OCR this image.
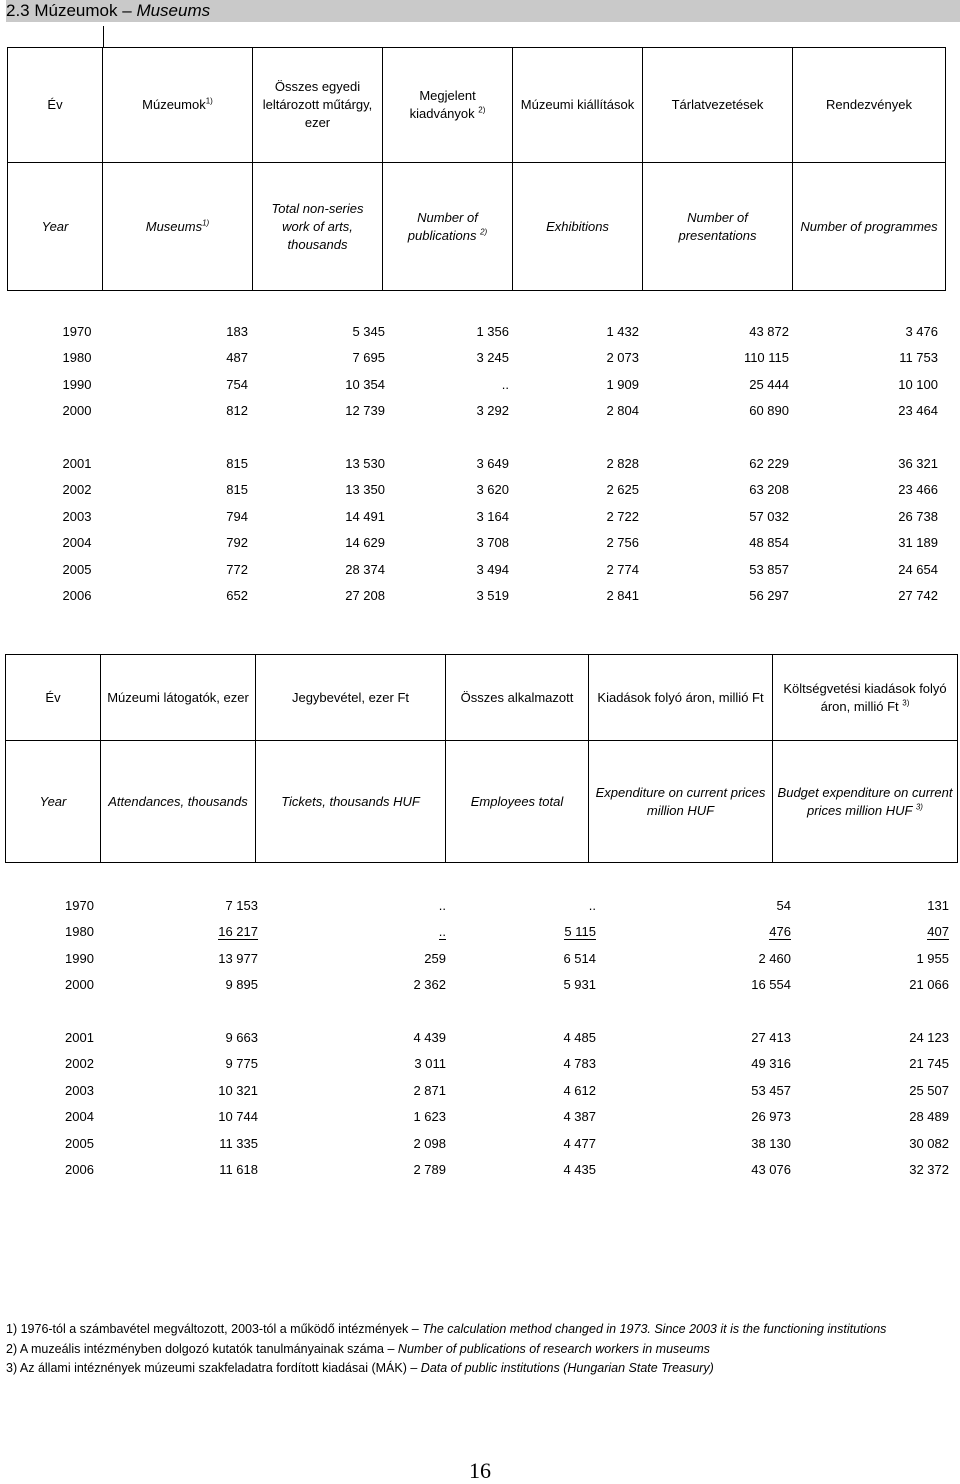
2.3 Múzeumok – Museums
Év	Múzeumok$^{1)}$	Összes egyedi leltározott műtárgy, ezer	Megjelent kiadványok $^{2)}$	Múzeumi kiállítások	Tárlatvezetések	Rendezvények
Year	Museums$^{1)}$	Total non-series work of arts, thousands	Number of publications $^{2)}$	Exhibitions	Number of presentations	Number of programmes
1970	183	5 345	1 356	1 432	43 872	3 476
1980	487	7 695	3 245	2 073	110 115	11 753
1990	754	10 354	..	1 909	25 444	10 100
2000	812	12 739	3 292	2 804	60 890	23 464

2001	815	13 530	3 649	2 828	62 229	36 321
2002	815	13 350	3 620	2 625	63 208	23 466
2003	794	14 491	3 164	2 722	57 032	26 738
2004	792	14 629	3 708	2 756	48 854	31 189
2005	772	28 374	3 494	2 774	53 857	24 654
2006	652	27 208	3 519	2 841	56 297	27 742
Év	Múzeumi látogatók, ezer	Jegybevétel, ezer Ft	Összes alkalmazott	Kiadások folyó áron, millió Ft	Költségvetési kiadások folyó áron, millió Ft $^{3)}$
Year	Attendances, thousands	Tickets, thousands HUF	Employees total	Expenditure on current prices million HUF	Budget expenditure on current prices million HUF $^{3)}$
1970	7 153	..	..	54	131
1980	16 217	..	5 115	476	407
1990	13 977	259	6 514	2 460	1 955
2000	9 895	2 362	5 931	16 554	21 066

2001	9 663	4 439	4 485	27 413	24 123
2002	9 775	3 011	4 783	49 316	21 745
2003	10 321	2 871	4 612	53 457	25 507
2004	10 744	1 623	4 387	26 973	28 489
2005	11 335	2 098	4 477	38 130	30 082
2006	11 618	2 789	4 435	43 076	32 372
1) 1976-tól a számbavétel megváltozott, 2003-tól a működő intézmények – The calculation method changed in 1973. Since 2003 it is the functioning institutions
2) A muzeális intézményben dolgozó kutatók tanulmányainak száma – Number of publications of research workers in museums
3) Az állami intéznények múzeumi szakfeladatra fordított kiadásai (MÁK) – Data of public institutions (Hungarian State Treasury)
16
